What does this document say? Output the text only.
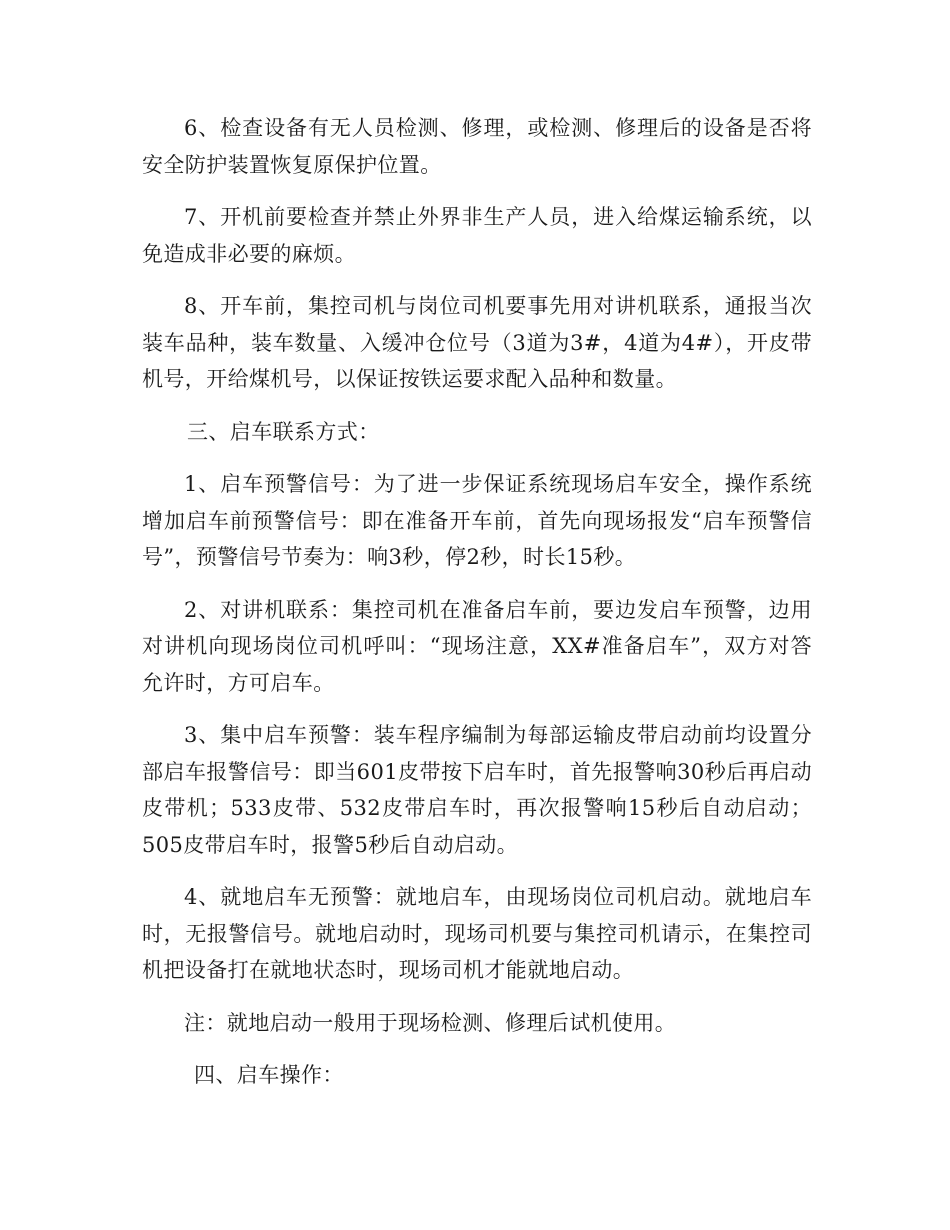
6、检查设备有无人员检测、修理，或检测、修理后的设备是否将安全防护装置恢复原保护位置。

7、开机前要检查并禁止外界非生产人员，进入给煤运输系统，以免造成非必要的麻烦。

8、开车前，集控司机与岗位司机要事先用对讲机联系，通报当次装车品种，装车数量、入缓冲仓位号（3道为3#，4道为4#），开皮带机号，开给煤机号，以保证按铁运要求配入品种和数量。

三、启车联系方式：

1、启车预警信号：为了进一步保证系统现场启车安全，操作系统增加启车前预警信号：即在准备开车前，首先向现场报发“启车预警信号”，预警信号节奏为：响3秒，停2秒，时长15秒。

2、对讲机联系：集控司机在准备启车前，要边发启车预警，边用对讲机向现场岗位司机呼叫：“现场注意，XX#准备启车”，双方对答允许时，方可启车。

3、集中启车预警：装车程序编制为每部运输皮带启动前均设置分部启车报警信号：即当601皮带按下启车时，首先报警响30秒后再启动皮带机；533皮带、532皮带启车时，再次报警响15秒后自动启动；505皮带启车时，报警5秒后自动启动。

4、就地启车无预警：就地启车，由现场岗位司机启动。就地启车时，无报警信号。就地启动时，现场司机要与集控司机请示，在集控司机把设备打在就地状态时，现场司机才能就地启动。

注：就地启动一般用于现场检测、修理后试机使用。

四、启车操作：
